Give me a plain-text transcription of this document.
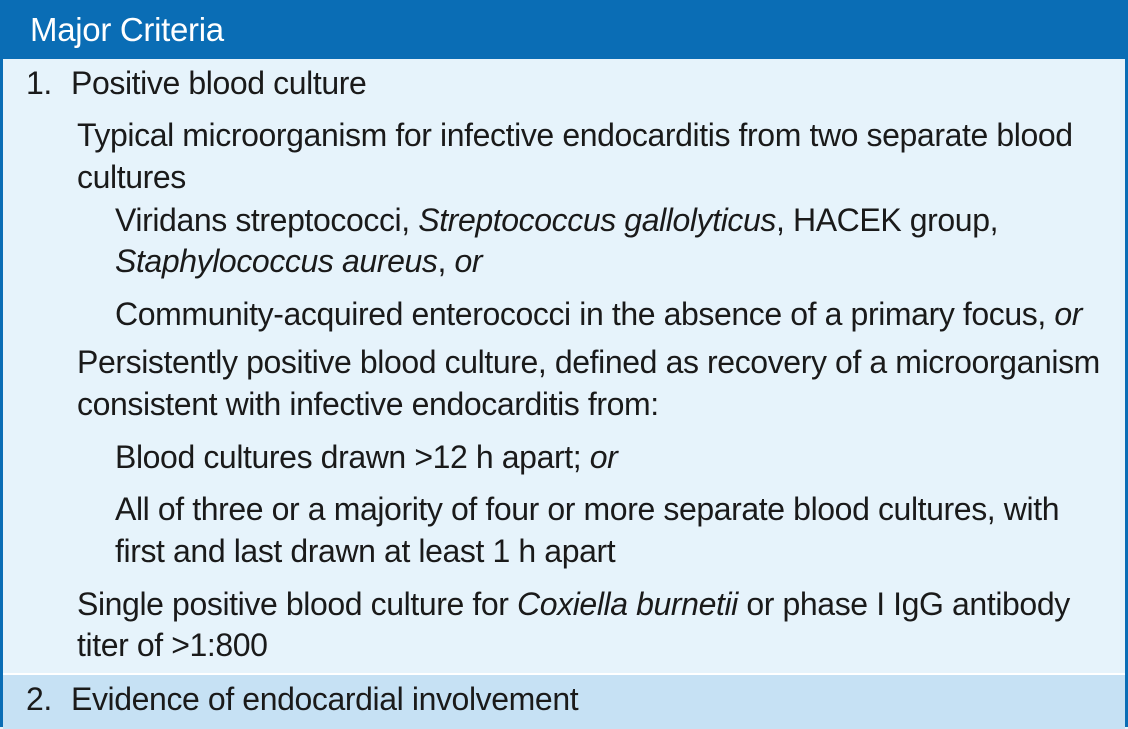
Major Criteria
1. Positive blood culture
Typical microorganism for infective endocarditis from two separate blood
cultures
Viridans streptococci, Streptococcus gallolyticus, HACEK group,
Staphylococcus aureus, or
Community-acquired enterococci in the absence of a primary focus, or
Persistently positive blood culture, defined as recovery of a microorganism
consistent with infective endocarditis from:
Blood cultures drawn >12 h apart; or
All of three or a majority of four or more separate blood cultures, with
first and last drawn at least 1 h apart
Single positive blood culture for Coxiella burnetii or phase I IgG antibody
titer of >1:800
2. Evidence of endocardial involvement
